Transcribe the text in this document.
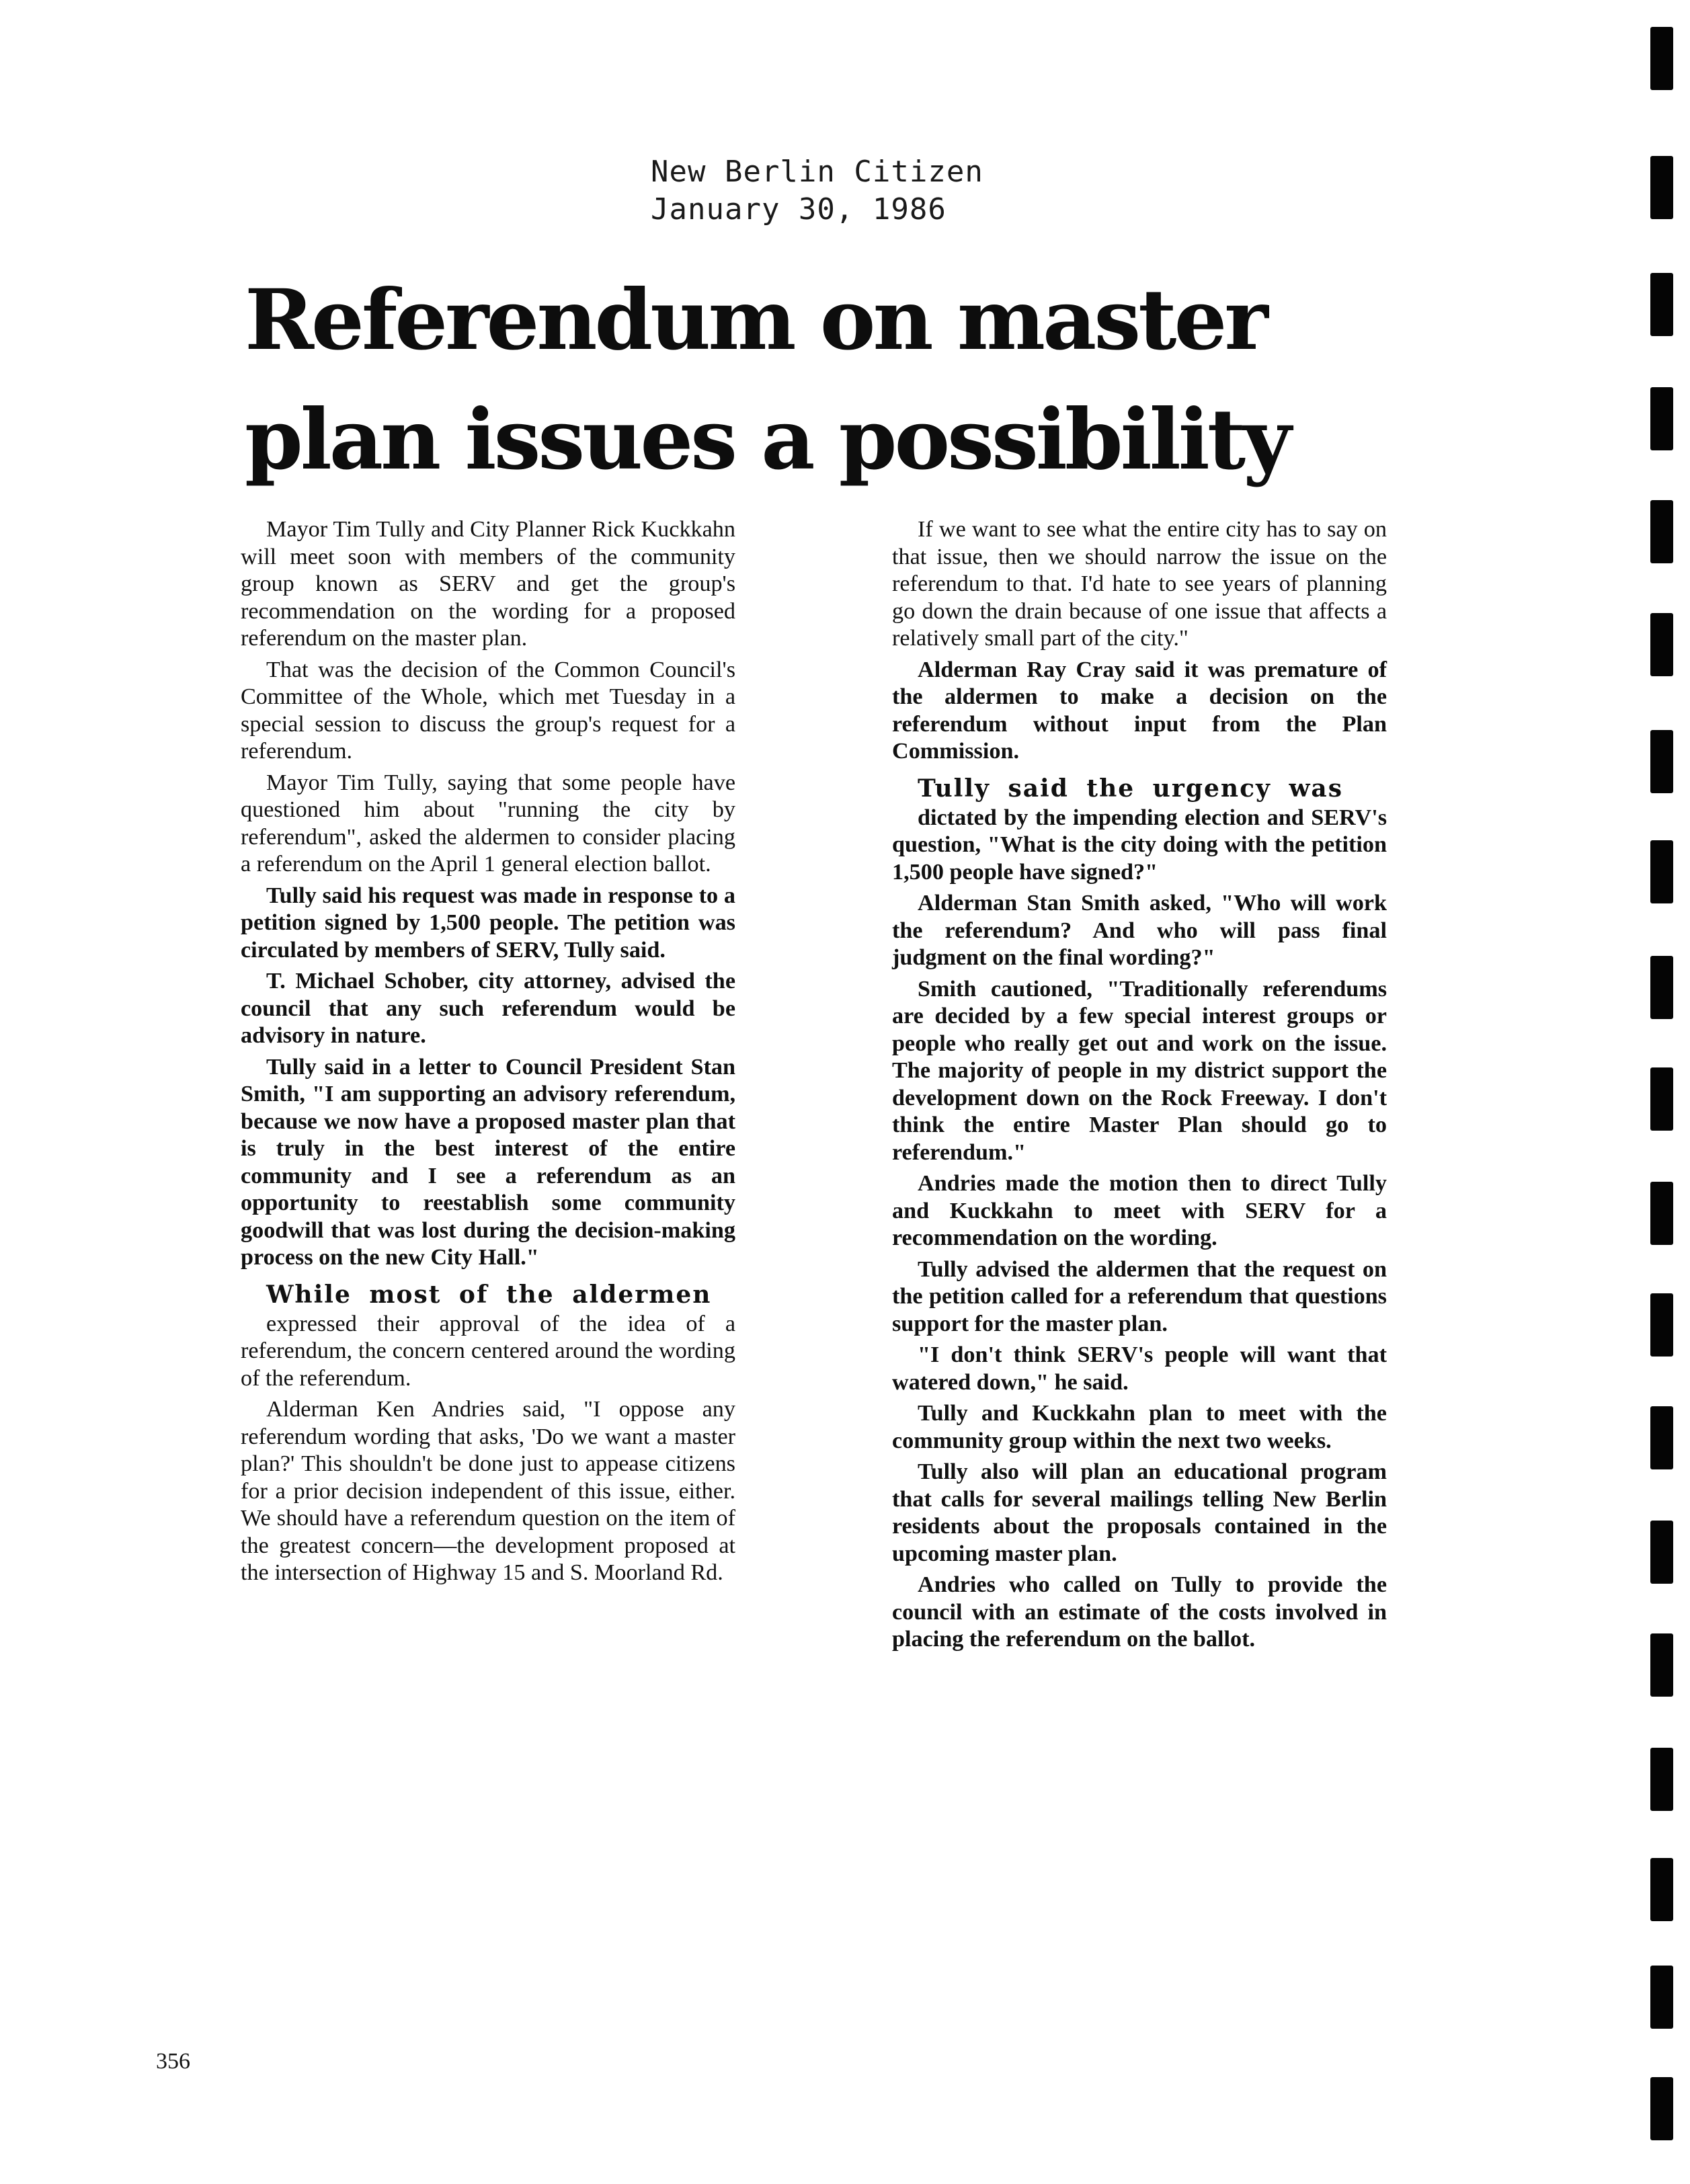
New Berlin Citizen
January 30, 1986
Referendum on master plan issues a possibility

Mayor Tim Tully and City Planner Rick Kuckkahn will meet soon with members of the community group known as SERV and get the group's recommendation on the wording for a proposed referendum on the master plan.

That was the decision of the Common Council's Committee of the Whole, which met Tuesday in a special session to discuss the group's request for a referendum.

Mayor Tim Tully, saying that some people have questioned him about "running the city by referendum", asked the aldermen to consider placing a referendum on the April 1 general election ballot.

Tully said his request was made in response to a petition signed by 1,500 people. The petition was circulated by members of SERV, Tully said.

T. Michael Schober, city attorney, advised the council that any such referendum would be advisory in nature.

Tully said in a letter to Council President Stan Smith, "I am supporting an advisory referendum, because we now have a proposed master plan that is truly in the best interest of the entire community and I see a referendum as an opportunity to reestablish some community goodwill that was lost during the decision-making process on the new City Hall."

While most of the aldermen

expressed their approval of the idea of a referendum, the concern centered around the wording of the referendum.

Alderman Ken Andries said, "I oppose any referendum wording that asks, 'Do we want a master plan?' This shouldn't be done just to appease citizens for a prior decision independent of this issue, either. We should have a referendum question on the item of the greatest concern—the development proposed at the intersection of Highway 15 and S. Moorland Rd.

If we want to see what the entire city has to say on that issue, then we should narrow the issue on the referendum to that. I'd hate to see years of planning go down the drain because of one issue that affects a relatively small part of the city."

Alderman Ray Cray said it was premature of the aldermen to make a decision on the referendum without input from the Plan Commission.

Tully said the urgency was

dictated by the impending election and SERV's question, "What is the city doing with the petition 1,500 people have signed?"

Alderman Stan Smith asked, "Who will work the referendum? And who will pass final judgment on the final wording?"

Smith cautioned, "Traditionally referendums are decided by a few special interest groups or people who really get out and work on the issue. The majority of people in my district support the development down on the Rock Freeway. I don't think the entire Master Plan should go to referendum."

Andries made the motion then to direct Tully and Kuckkahn to meet with SERV for a recommendation on the wording.

Tully advised the aldermen that the request on the petition called for a referendum that questions support for the master plan.

"I don't think SERV's people will want that watered down," he said.

Tully and Kuckkahn plan to meet with the community group within the next two weeks.

Tully also will plan an educational program that calls for several mailings telling New Berlin residents about the proposals contained in the upcoming master plan.

Andries who called on Tully to provide the council with an estimate of the costs involved in placing the referendum on the ballot.

356
